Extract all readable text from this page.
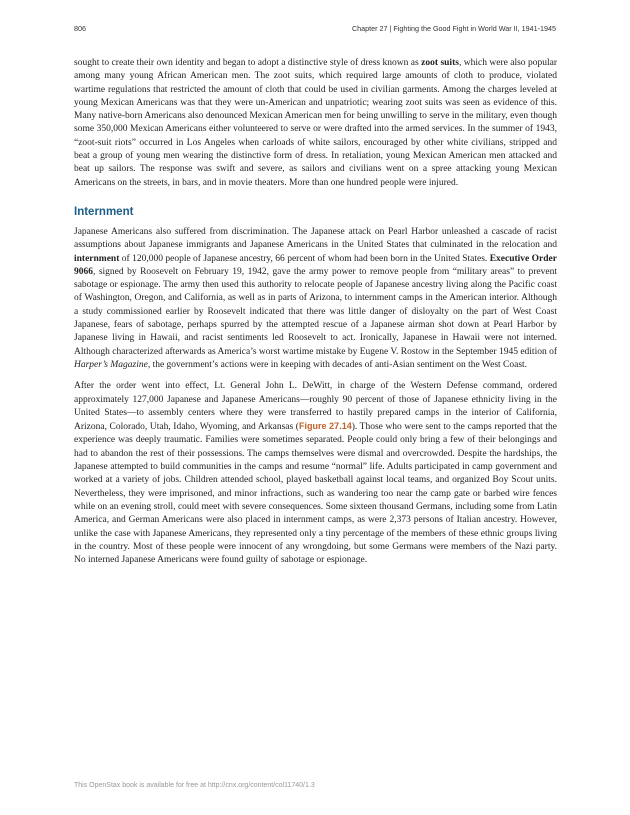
806	Chapter 27 | Fighting the Good Fight in World War II, 1941-1945

sought to create their own identity and began to adopt a distinctive style of dress known as zoot suits, which were also popular among many young African American men. The zoot suits, which required large amounts of cloth to produce, violated wartime regulations that restricted the amount of cloth that could be used in civilian garments. Among the charges leveled at young Mexican Americans was that they were un-American and unpatriotic; wearing zoot suits was seen as evidence of this. Many native-born Americans also denounced Mexican American men for being unwilling to serve in the military, even though some 350,000 Mexican Americans either volunteered to serve or were drafted into the armed services. In the summer of 1943, “zoot-suit riots” occurred in Los Angeles when carloads of white sailors, encouraged by other white civilians, stripped and beat a group of young men wearing the distinctive form of dress. In retaliation, young Mexican American men attacked and beat up sailors. The response was swift and severe, as sailors and civilians went on a spree attacking young Mexican Americans on the streets, in bars, and in movie theaters. More than one hundred people were injured.

Internment

Japanese Americans also suffered from discrimination. The Japanese attack on Pearl Harbor unleashed a cascade of racist assumptions about Japanese immigrants and Japanese Americans in the United States that culminated in the relocation and internment of 120,000 people of Japanese ancestry, 66 percent of whom had been born in the United States. Executive Order 9066, signed by Roosevelt on February 19, 1942, gave the army power to remove people from “military areas” to prevent sabotage or espionage. The army then used this authority to relocate people of Japanese ancestry living along the Pacific coast of Washington, Oregon, and California, as well as in parts of Arizona, to internment camps in the American interior. Although a study commissioned earlier by Roosevelt indicated that there was little danger of disloyalty on the part of West Coast Japanese, fears of sabotage, perhaps spurred by the attempted rescue of a Japanese airman shot down at Pearl Harbor by Japanese living in Hawaii, and racist sentiments led Roosevelt to act. Ironically, Japanese in Hawaii were not interned. Although characterized afterwards as America’s worst wartime mistake by Eugene V. Rostow in the September 1945 edition of Harper’s Magazine, the government’s actions were in keeping with decades of anti-Asian sentiment on the West Coast.

After the order went into effect, Lt. General John L. DeWitt, in charge of the Western Defense command, ordered approximately 127,000 Japanese and Japanese Americans—roughly 90 percent of those of Japanese ethnicity living in the United States—to assembly centers where they were transferred to hastily prepared camps in the interior of California, Arizona, Colorado, Utah, Idaho, Wyoming, and Arkansas (Figure 27.14). Those who were sent to the camps reported that the experience was deeply traumatic. Families were sometimes separated. People could only bring a few of their belongings and had to abandon the rest of their possessions. The camps themselves were dismal and overcrowded. Despite the hardships, the Japanese attempted to build communities in the camps and resume “normal” life. Adults participated in camp government and worked at a variety of jobs. Children attended school, played basketball against local teams, and organized Boy Scout units. Nevertheless, they were imprisoned, and minor infractions, such as wandering too near the camp gate or barbed wire fences while on an evening stroll, could meet with severe consequences. Some sixteen thousand Germans, including some from Latin America, and German Americans were also placed in internment camps, as were 2,373 persons of Italian ancestry. However, unlike the case with Japanese Americans, they represented only a tiny percentage of the members of these ethnic groups living in the country. Most of these people were innocent of any wrongdoing, but some Germans were members of the Nazi party. No interned Japanese Americans were found guilty of sabotage or espionage.

This OpenStax book is available for free at http://cnx.org/content/col11740/1.3
